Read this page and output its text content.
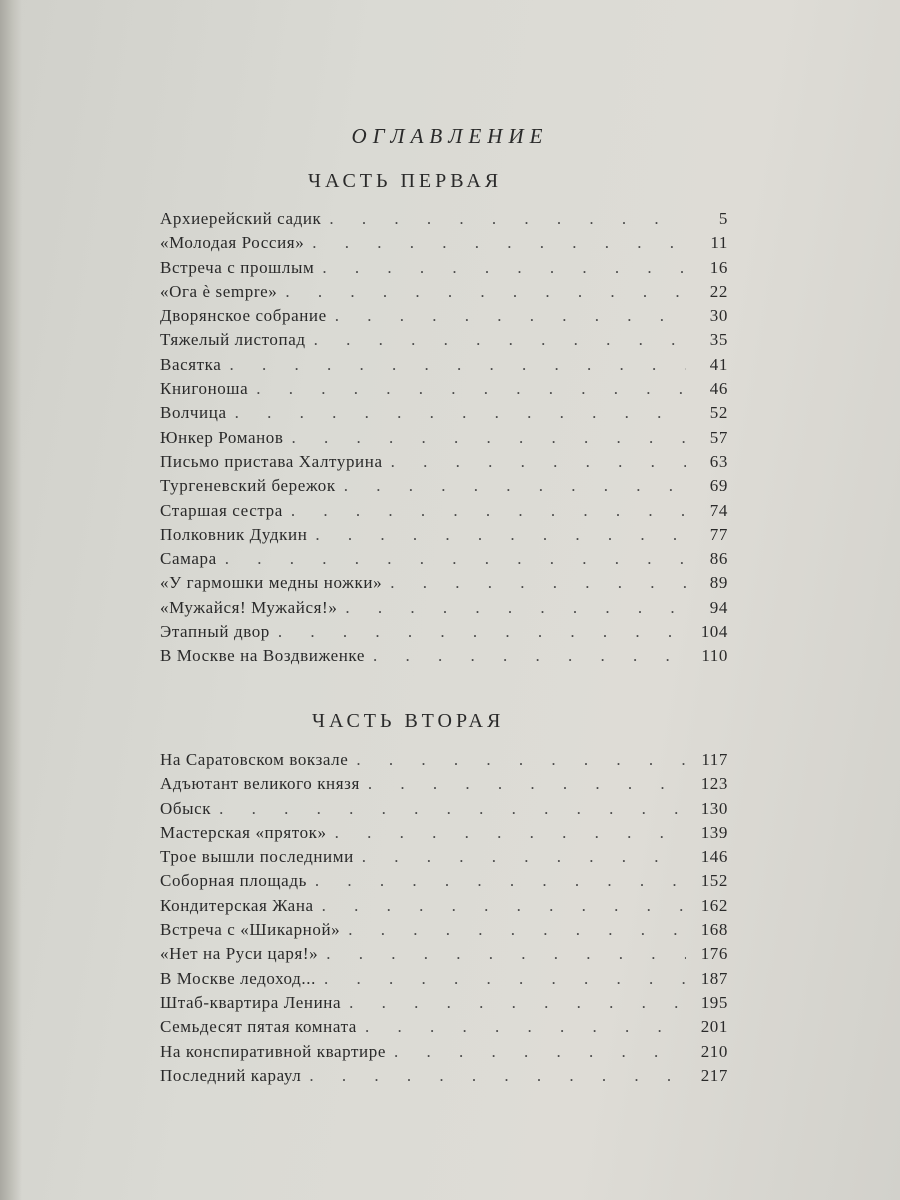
ОГЛАВЛЕНИЕ
ЧАСТЬ ПЕРВАЯ
Архиерейский садик . . .	5
«Молодая Россия» . . .	11
Встреча с прошлым . . .	16
«Ога è sempre» . . .	22
Дворянское собрание . . .	30
Тяжелый листопад . . .	35
Васятка . . .	41
Книгоноша . . .	46
Волчица . . .	52
Юнкер Романов . . .	57
Письмо пристава Халтурина . . .	63
Тургеневский бережок . . .	69
Старшая сестра . . .	74
Полковник Дудкин . . .	77
Самара . . .	86
«У гармошки медны ножки» . . .	89
«Мужайся! Мужайся!» . . .	94
Этапный двор . . .	104
В Москве на Воздвиженке . . .	110
ЧАСТЬ ВТОРАЯ
На Саратовском вокзале . . .	117
Адъютант великого князя . . .	123
Обыск . . .	130
Мастерская «пряток» . . .	139
Трое вышли последними . . .	146
Соборная площадь . . .	152
Кондитерская Жана . . .	162
Встреча с «Шикарной» . . .	168
«Нет на Руси царя!» . . .	176
В Москве ледоход... . . .	187
Штаб-квартира Ленина . . .	195
Семьдесят пятая комната . . .	201
На конспиративной квартире . . .	210
Последний караул . . .	217
